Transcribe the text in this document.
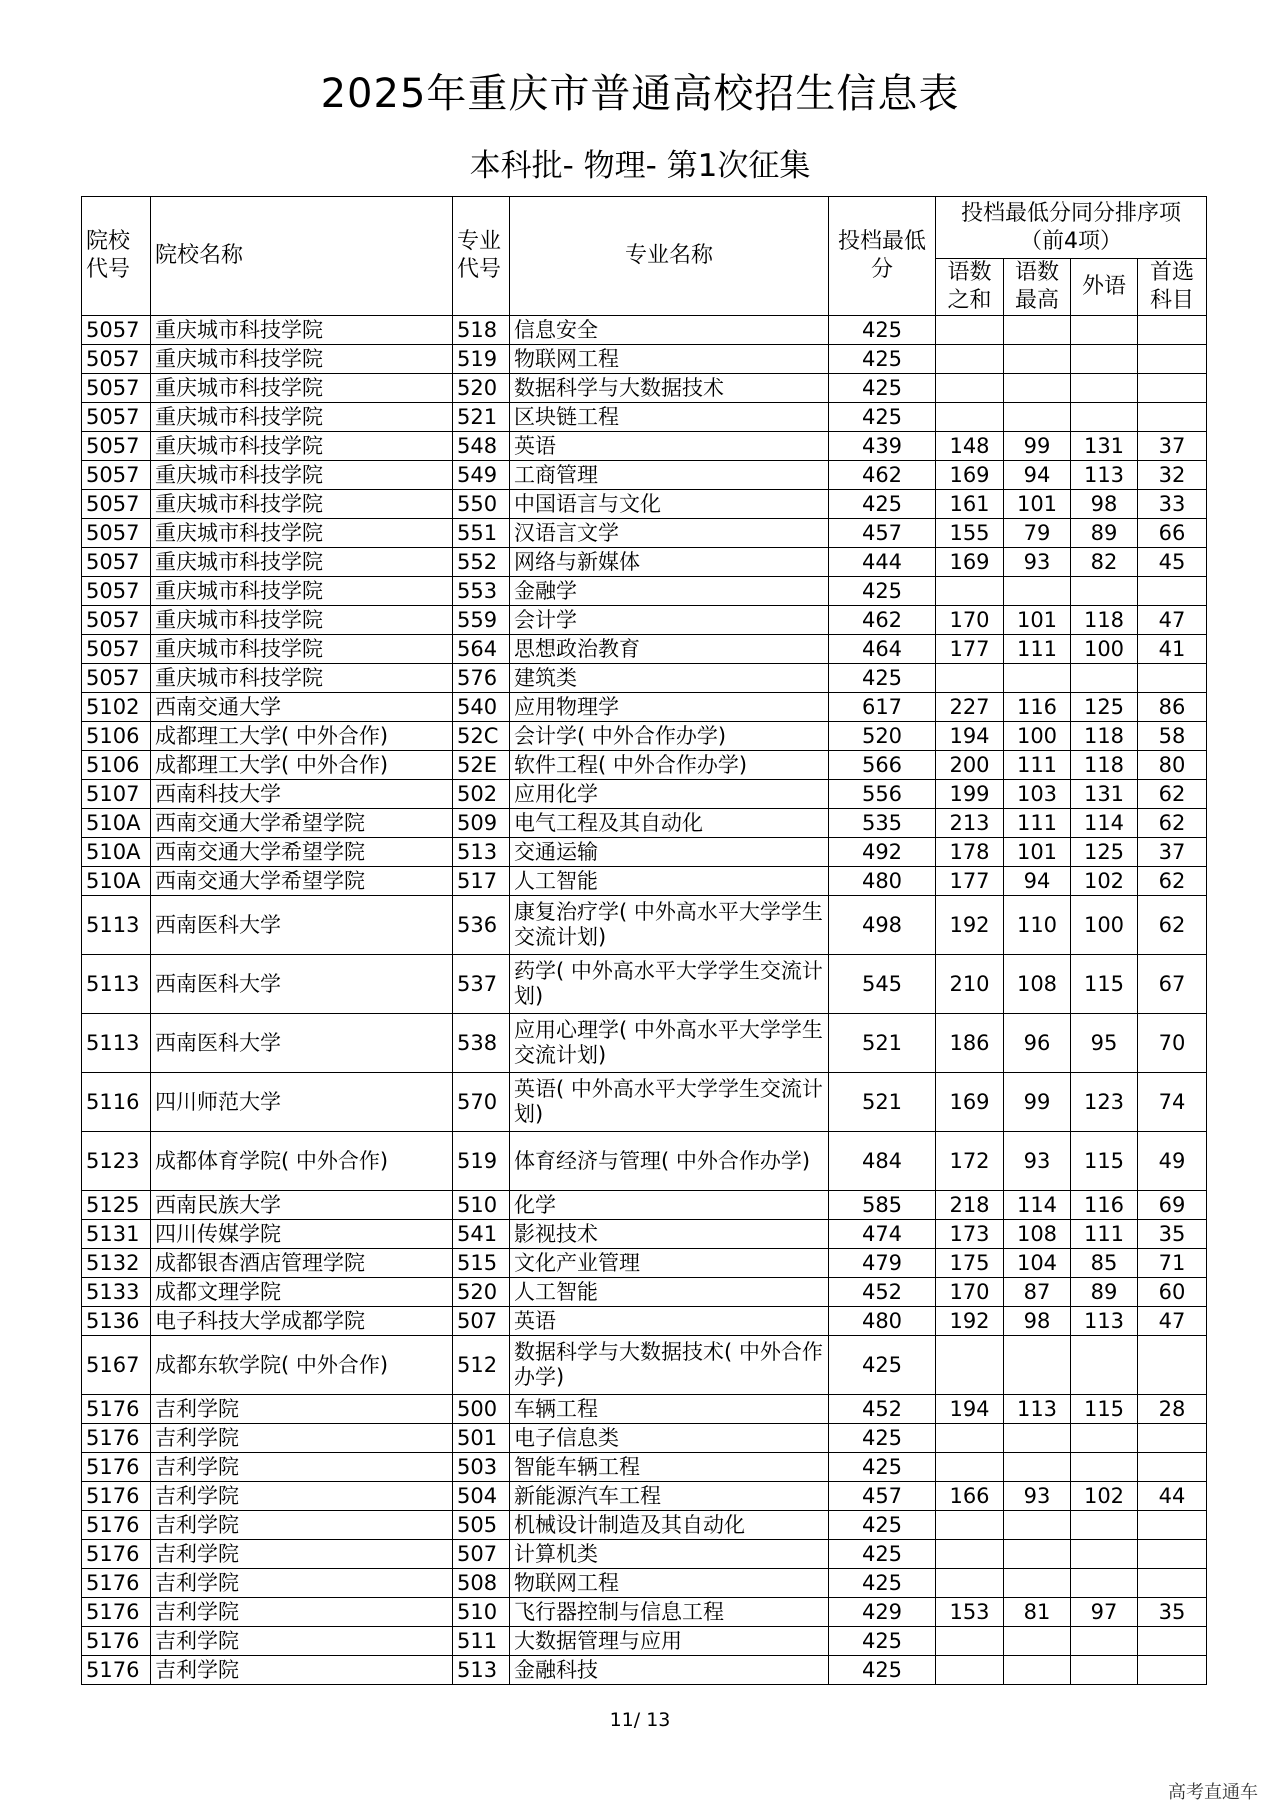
2025年重庆市普通高校招生信息表
本科批- 物理- 第1次征集
院校代号	院校名称	专业代号	专业名称	投档最低分	投档最低分同分排序项（前4项）			
					语数之和	语数最高	外语	首选科目
5057	重庆城市科技学院	518	信息安全	425				
5057	重庆城市科技学院	519	物联网工程	425				
5057	重庆城市科技学院	520	数据科学与大数据技术	425				
5057	重庆城市科技学院	521	区块链工程	425				
5057	重庆城市科技学院	548	英语	439	148	99	131	37
5057	重庆城市科技学院	549	工商管理	462	169	94	113	32
5057	重庆城市科技学院	550	中国语言与文化	425	161	101	98	33
5057	重庆城市科技学院	551	汉语言文学	457	155	79	89	66
5057	重庆城市科技学院	552	网络与新媒体	444	169	93	82	45
5057	重庆城市科技学院	553	金融学	425				
5057	重庆城市科技学院	559	会计学	462	170	101	118	47
5057	重庆城市科技学院	564	思想政治教育	464	177	111	100	41
5057	重庆城市科技学院	576	建筑类	425				
5102	西南交通大学	540	应用物理学	617	227	116	125	86
5106	成都理工大学( 中外合作)	52C	会计学( 中外合作办学)	520	194	100	118	58
5106	成都理工大学( 中外合作)	52E	软件工程( 中外合作办学)	566	200	111	118	80
5107	西南科技大学	502	应用化学	556	199	103	131	62
510A	西南交通大学希望学院	509	电气工程及其自动化	535	213	111	114	62
510A	西南交通大学希望学院	513	交通运输	492	178	101	125	37
510A	西南交通大学希望学院	517	人工智能	480	177	94	102	62
5113	西南医科大学	536	康复治疗学( 中外高水平大学学生交流计划)	498	192	110	100	62
5113	西南医科大学	537	药学( 中外高水平大学学生交流计划)	545	210	108	115	67
5113	西南医科大学	538	应用心理学( 中外高水平大学学生交流计划)	521	186	96	95	70
5116	四川师范大学	570	英语( 中外高水平大学学生交流计划)	521	169	99	123	74
5123	成都体育学院( 中外合作)	519	体育经济与管理( 中外合作办学)	484	172	93	115	49
5125	西南民族大学	510	化学	585	218	114	116	69
5131	四川传媒学院	541	影视技术	474	173	108	111	35
5132	成都银杏酒店管理学院	515	文化产业管理	479	175	104	85	71
5133	成都文理学院	520	人工智能	452	170	87	89	60
5136	电子科技大学成都学院	507	英语	480	192	98	113	47
5167	成都东软学院( 中外合作)	512	数据科学与大数据技术( 中外合作办学)	425				
5176	吉利学院	500	车辆工程	452	194	113	115	28
5176	吉利学院	501	电子信息类	425				
5176	吉利学院	503	智能车辆工程	425				
5176	吉利学院	504	新能源汽车工程	457	166	93	102	44
5176	吉利学院	505	机械设计制造及其自动化	425				
5176	吉利学院	507	计算机类	425				
5176	吉利学院	508	物联网工程	425				
5176	吉利学院	510	飞行器控制与信息工程	429	153	81	97	35
5176	吉利学院	511	大数据管理与应用	425				
5176	吉利学院	513	金融科技	425				
11/ 13
高考直通车
